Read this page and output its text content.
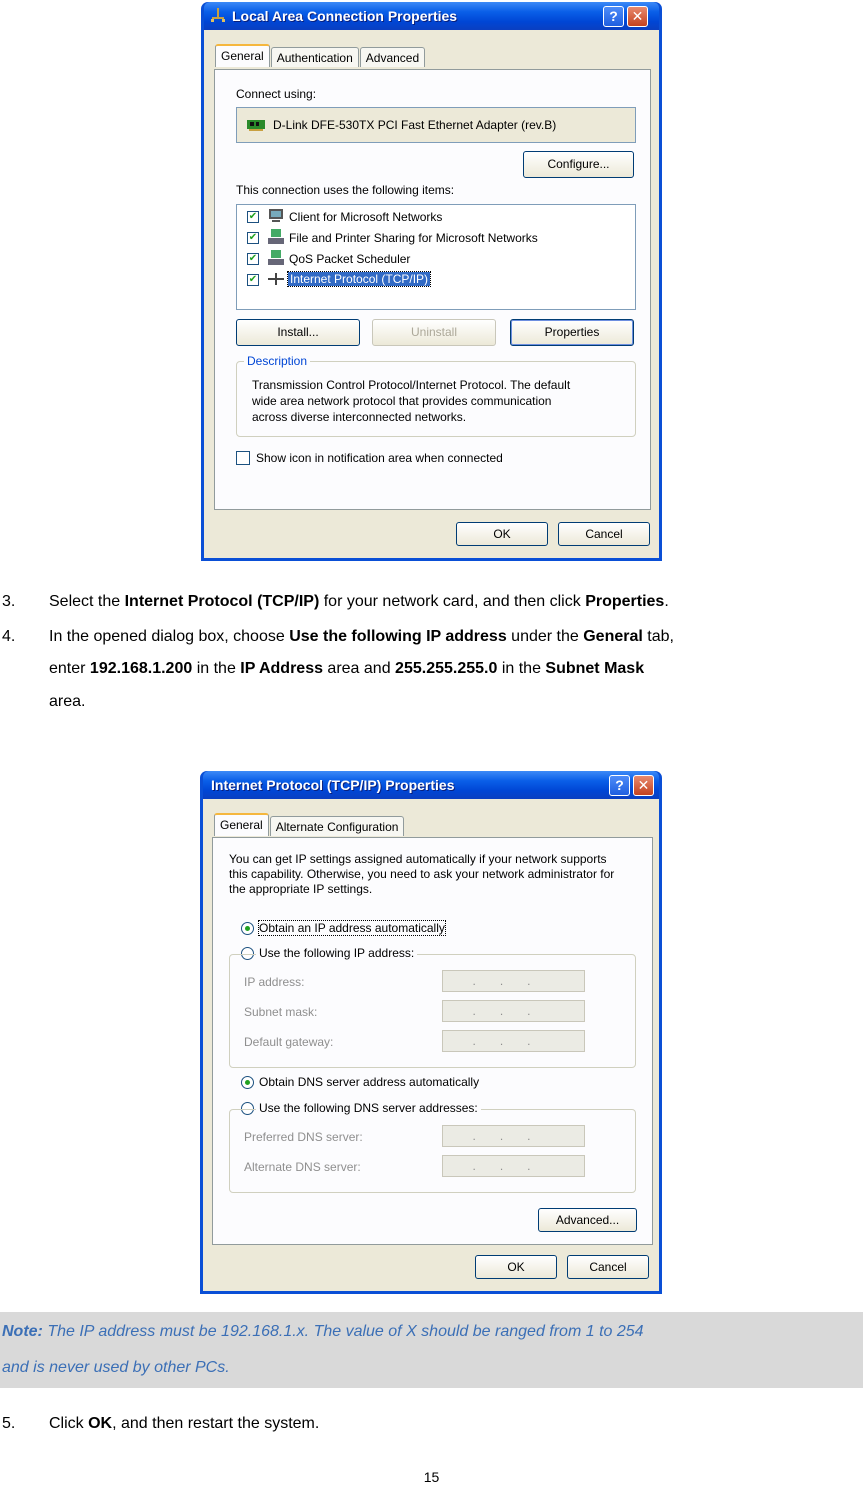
Local Area Connection Properties	? ✕
General	Authentication	Advanced
Connect using:
D-Link DFE-530TX PCI Fast Ethernet Adapter (rev.B)
Configure...
This connection uses the following items:
✔	Client for Microsoft Networks
✔	File and Printer Sharing for Microsoft Networks
✔	QoS Packet Scheduler
✔	Internet Protocol (TCP/IP)
Install...	Uninstall	Properties
Description
Transmission Control Protocol/Internet Protocol. The default
wide area network protocol that provides communication
across diverse interconnected networks.
Show icon in notification area when connected
OK	Cancel
3. Select the Internet Protocol (TCP/IP) for your network card, and then click Properties.
4. In the opened dialog box, choose Use the following IP address under the General tab,
enter 192.168.1.200 in the IP Address area and 255.255.255.0 in the Subnet Mask
area.
Internet Protocol (TCP/IP) Properties	? ✕
General	Alternate Configuration
You can get IP settings assigned automatically if your network supports
this capability. Otherwise, you need to ask your network administrator for
the appropriate IP settings.
Obtain an IP address automatically
Use the following IP address:
IP address:	...
Subnet mask:	...
Default gateway:	...
Obtain DNS server address automatically
Use the following DNS server addresses:
Preferred DNS server:	...
Alternate DNS server:	...
Advanced...
OK	Cancel
Note: The IP address must be 192.168.1.x. The value of X should be ranged from 1 to 254
and is never used by other PCs.
5. Click OK, and then restart the system.
15
